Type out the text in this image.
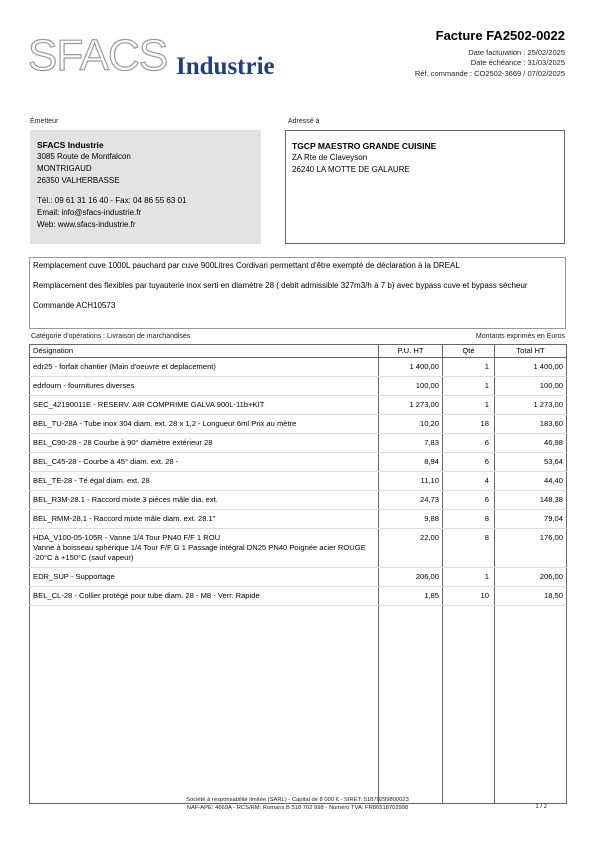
SFACS Industrie
Facture FA2502-0022
Date facturation : 25/02/2025
Date échéance : 31/03/2025
Réf. commande : CO2502-3669 / 07/02/2025
Émetteur
SFACS Industrie
3085 Route de Montfalcon
MONTRIGAUD
26350 VALHERBASSE
Tél.: 09 61 31 16 40 - Fax: 04 86 55 63 01
Email: info@sfacs-industrie.fr
Web: www.sfacs-industrie.fr
Adressé à
TGCP MAESTRO GRANDE CUISINE
ZA Rte de Claveyson
26240 LA MOTTE DE GALAURE

Remplacement cuve 1000L pauchard par cuve 900Litres Cordivari permettant d'être exempté de déclaration à la DREAL

Remplacement des flexibles par tuyauterie inox serti en diamètre 28 ( debit admissible 327m3/h à 7 b) avec bypass cuve et bypass sécheur

Commande ACH10573

Catégorie d'opérations : Livraison de marchandises	Montants exprimés en Euros
Désignation	P.U. HT	Qté	Total HT
edr25 - forfait chantier (Main d'oeuvre et deplacement)	1 400,00	1	1 400,00
edrfourn - fournitures diverses	100,00	1	100,00
SEC_42190011E - RESERV. AIR COMPRIME GALVA 900L-11b+KIT	1 273,00	1	1 273,00
BEL_TU-28A - Tube inox 304 diam. ext. 28 x 1,2 - Longueur 6ml Prix au mètre	10,20	18	183,60
BEL_C90-28 - 28 Courbe à 90° diamètre extérieur 28	7,83	6	46,98
BEL_C45-28 - Courbe à 45° diam. ext. 28 -	8,94	6	53,64
BEL_TE-28 - Té égal diam. ext. 28	11,10	4	44,40
BEL_R3M-28.1 - Raccord mixte 3 pièces mâle dia. ext.	24,73	6	148,38
BEL_RMM-28.1 - Raccord mixte mâle diam. ext. 28.1"	9,88	8	79,04

HDA_V100-05-105R - Vanne 1/4 Tour PN40 F/F 1 ROU
Vanne à boisseau sphérique 1/4 Tour F/F G 1 Passage intégral DN25 PN40 Poignée acier ROUGE -20°C à +150°C (sauf vapeur)	22,00	8	176,00
EDR_SUP - Supportage	206,00	1	206,00
BEL_CL-28 - Collier protégé pour tube diam. 28 - M8 - Verr. Rapide	1,85	10	18,50

Société à responsabilité limitée (SARL) - Capital de 8 000 € - SIRET: 51870299800023
NAF-APE: 4669A - RCS/RM: Romans B 518 702 998 - Numéro TVA: FR86518702998	1 / 2
